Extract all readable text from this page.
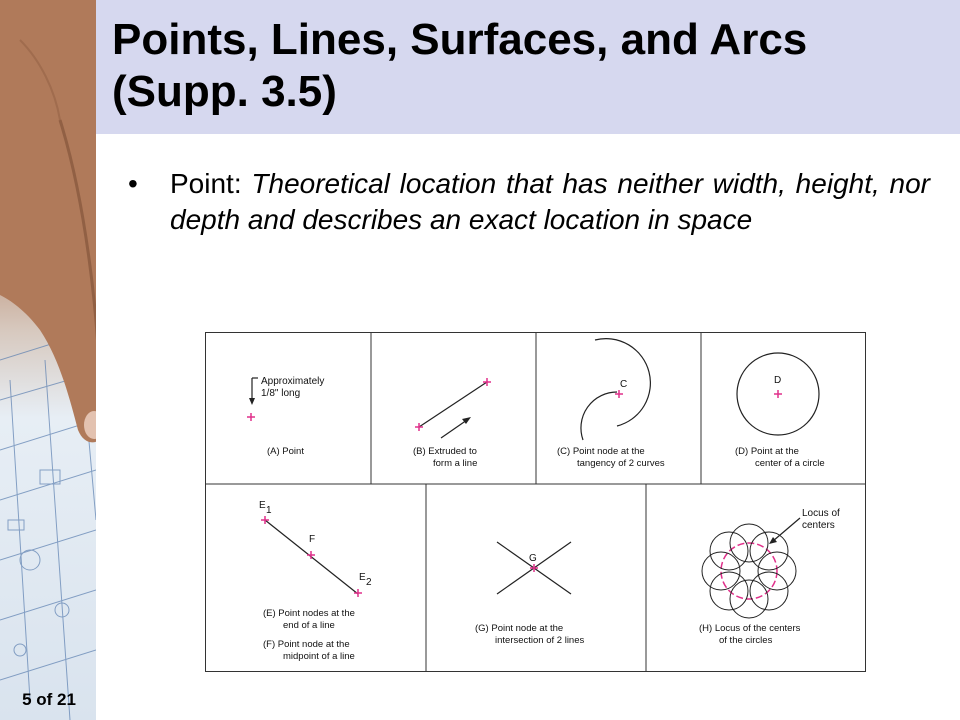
Points, Lines, Surfaces, and Arcs (Supp. 3.5)
• Point: Theoretical location that has neither width, height, nor depth and describes an exact location in space
Approximately
1/8" long
(A) Point	(B) Extruded to
form a line
C
(C) Point node at the
tangency of 2 curves
D
(D) Point at the
center of a circle
E 1
F
E 2
(E) Point nodes at the
end of a line
(F) Point node at the
midpoint of a line
G
(G) Point node at the
intersection of 2 lines
Locus of
centers
(H) Locus of the centers
of the circles
5 of 21
